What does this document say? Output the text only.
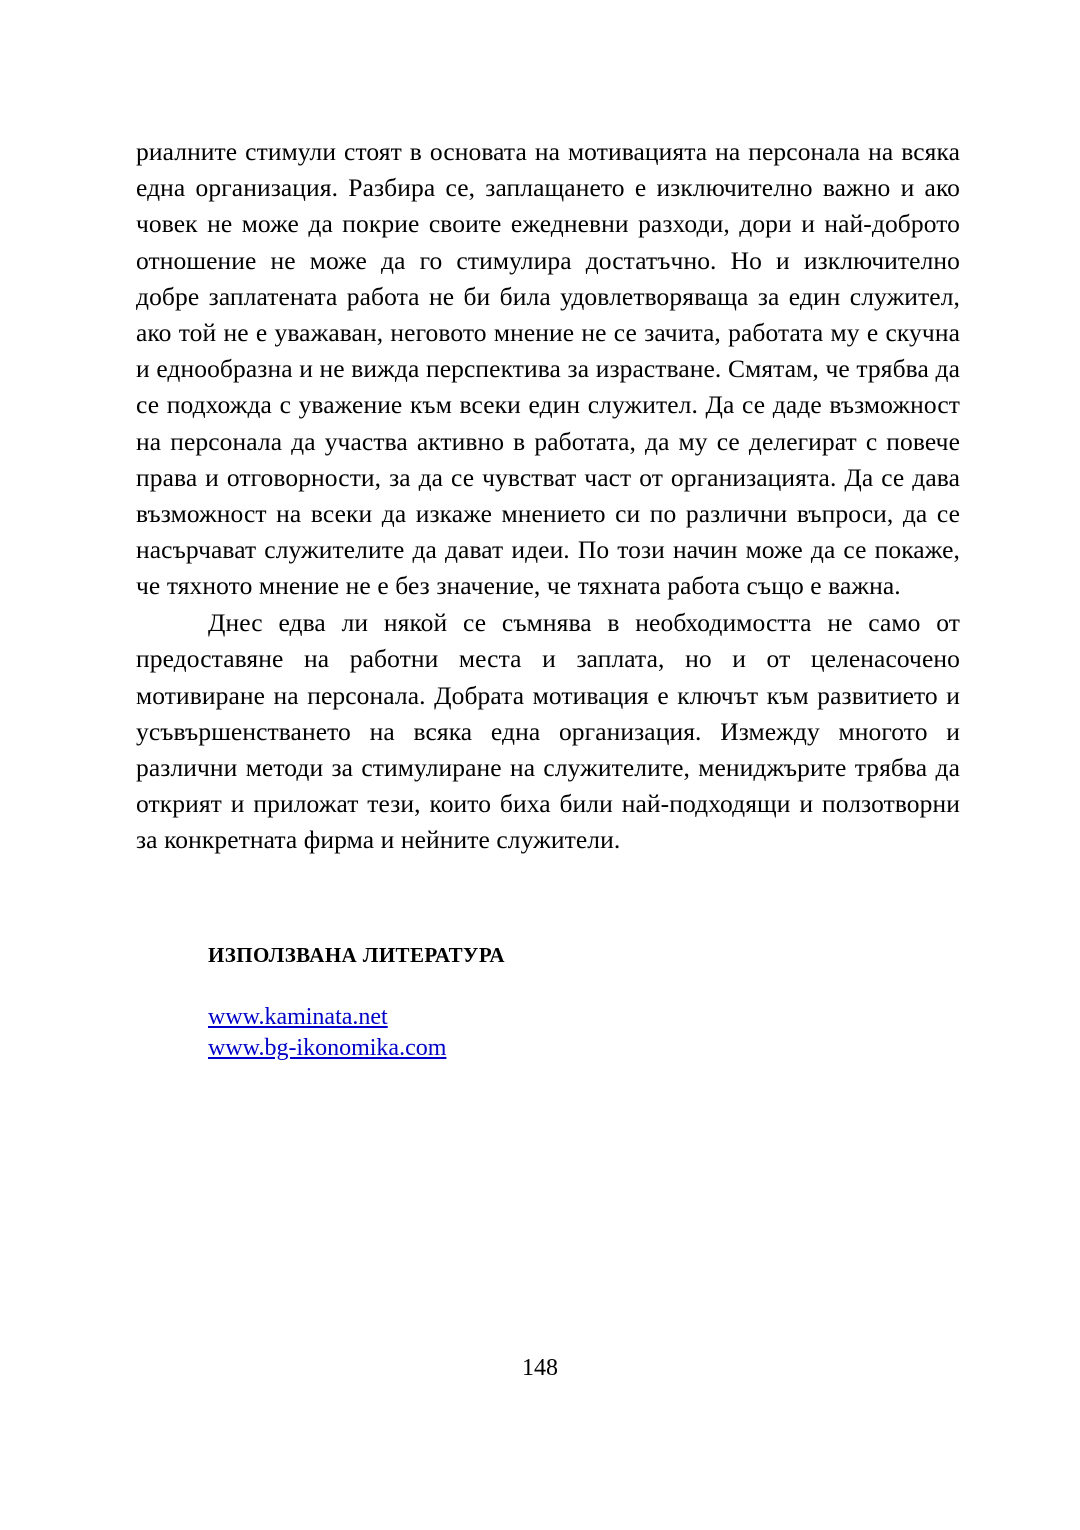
риалните стимули стоят в основата на мотивацията на персонала на всяка една организация. Разбира се, заплащането е изключително важно и ако човек не може да покрие своите ежедневни разходи, дори и най-доброто отношение не може да го стимулира достатъчно. Но и изключително добре заплатената работа не би била удовлетворяваща за един служител, ако той не е уважаван, неговото мнение не се зачита, работата му е скучна и еднообразна и не вижда перспектива за израстване. Смятам, че трябва да се подхожда с уважение към всеки един служител. Да се даде възможност на персонала да участва активно в работата, да му се делегират с повече права и отговорности, за да се чувстват част от организацията. Да се дава възможност на всеки да изкаже мнението си по различни въпроси, да се насърчават служителите да дават идеи. По този начин може да се покаже, че тяхното мнение не е без значение, че тяхната работа също е важна.

Днес едва ли някой се съмнява в необходимостта не само от предоставяне на работни места и заплата, но и от целенасочено мотивиране на персонала. Добрата мотивация е ключът към развитието и усъвършенстването на всяка една организация. Измежду многото и различни методи за стимулиране на служителите, мениджърите трябва да открият и приложат тези, които биха били най-подходящи и ползотворни за конкретната фирма и нейните служители.

ИЗПОЛЗВАНА ЛИТЕРАТУРА
www.kaminata.net
www.bg-ikonomika.com
148
